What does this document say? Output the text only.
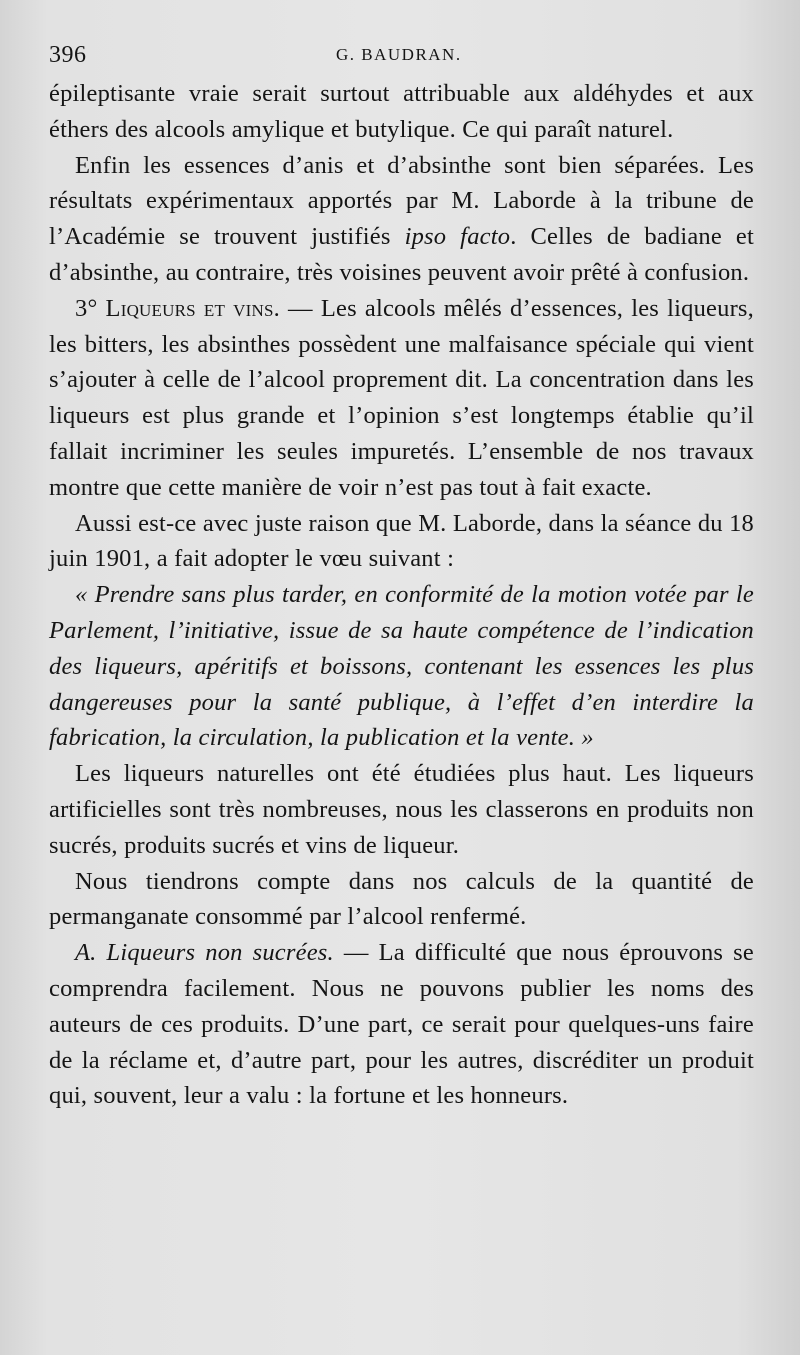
396	G. BAUDRAN.

épileptisante vraie serait surtout attribuable aux aldéhydes et aux éthers des alcools amylique et butylique. Ce qui paraît naturel.

Enfin les essences d’anis et d’absinthe sont bien séparées. Les résultats expérimentaux apportés par M. Laborde à la tribune de l’Académie se trouvent justifiés ipso facto. Celles de badiane et d’absinthe, au contraire, très voisines peuvent avoir prêté à confusion.

3° Liqueurs et vins. — Les alcools mêlés d’essences, les liqueurs, les bitters, les absinthes possèdent une malfaisance spéciale qui vient s’ajouter à celle de l’alcool proprement dit. La concentration dans les liqueurs est plus grande et l’opinion s’est longtemps établie qu’il fallait incriminer les seules impuretés. L’ensemble de nos travaux montre que cette manière de voir n’est pas tout à fait exacte.

Aussi est-ce avec juste raison que M. Laborde, dans la séance du 18 juin 1901, a fait adopter le vœu suivant :

« Prendre sans plus tarder, en conformité de la motion votée par le Parlement, l’initiative, issue de sa haute compétence de l’indication des liqueurs, apéritifs et boissons, contenant les essences les plus dangereuses pour la santé publique, à l’effet d’en interdire la fabrication, la circulation, la publication et la vente. »

Les liqueurs naturelles ont été étudiées plus haut. Les liqueurs artificielles sont très nombreuses, nous les classerons en produits non sucrés, produits sucrés et vins de liqueur.

Nous tiendrons compte dans nos calculs de la quantité de permanganate consommé par l’alcool renfermé.

A. Liqueurs non sucrées. — La difficulté que nous éprouvons se comprendra facilement. Nous ne pouvons publier les noms des auteurs de ces produits. D’une part, ce serait pour quelques-uns faire de la réclame et, d’autre part, pour les autres, discréditer un produit qui, souvent, leur a valu : la fortune et les honneurs.
